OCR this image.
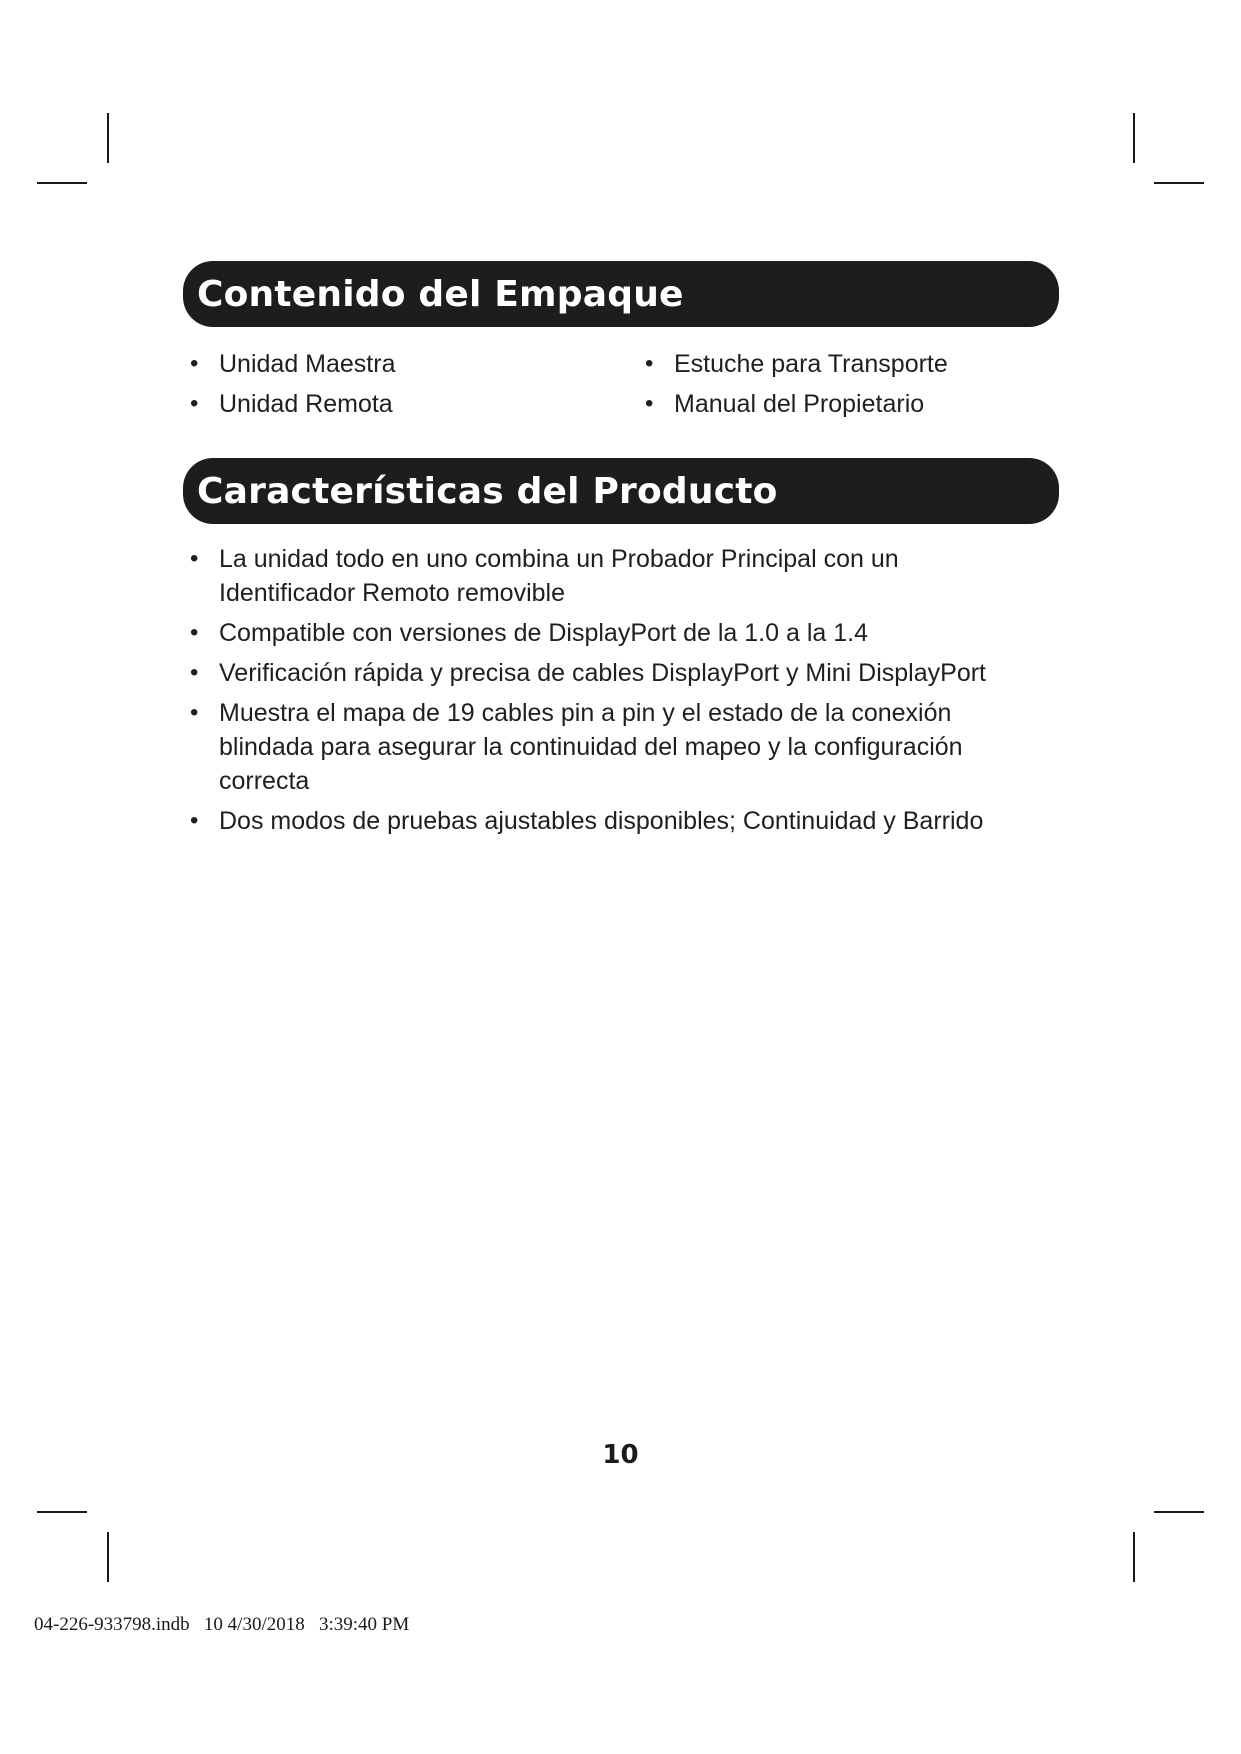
Contenido del Empaque
• Unidad Maestra
• Unidad Remota
• Estuche para Transporte
• Manual del Propietario
Características del Producto
• La unidad todo en uno combina un Probador Principal con un Identificador Remoto removible
• Compatible con versiones de DisplayPort de la 1.0 a la 1.4
• Verificación rápida y precisa de cables DisplayPort y Mini DisplayPort
• Muestra el mapa de 19 cables pin a pin y el estado de la conexión blindada para asegurar la continuidad del mapeo y la configuración correcta
• Dos modos de pruebas ajustables disponibles; Continuidad y Barrido
10
04-226-933798.indb   10 4/30/2018   3:39:40 PM
